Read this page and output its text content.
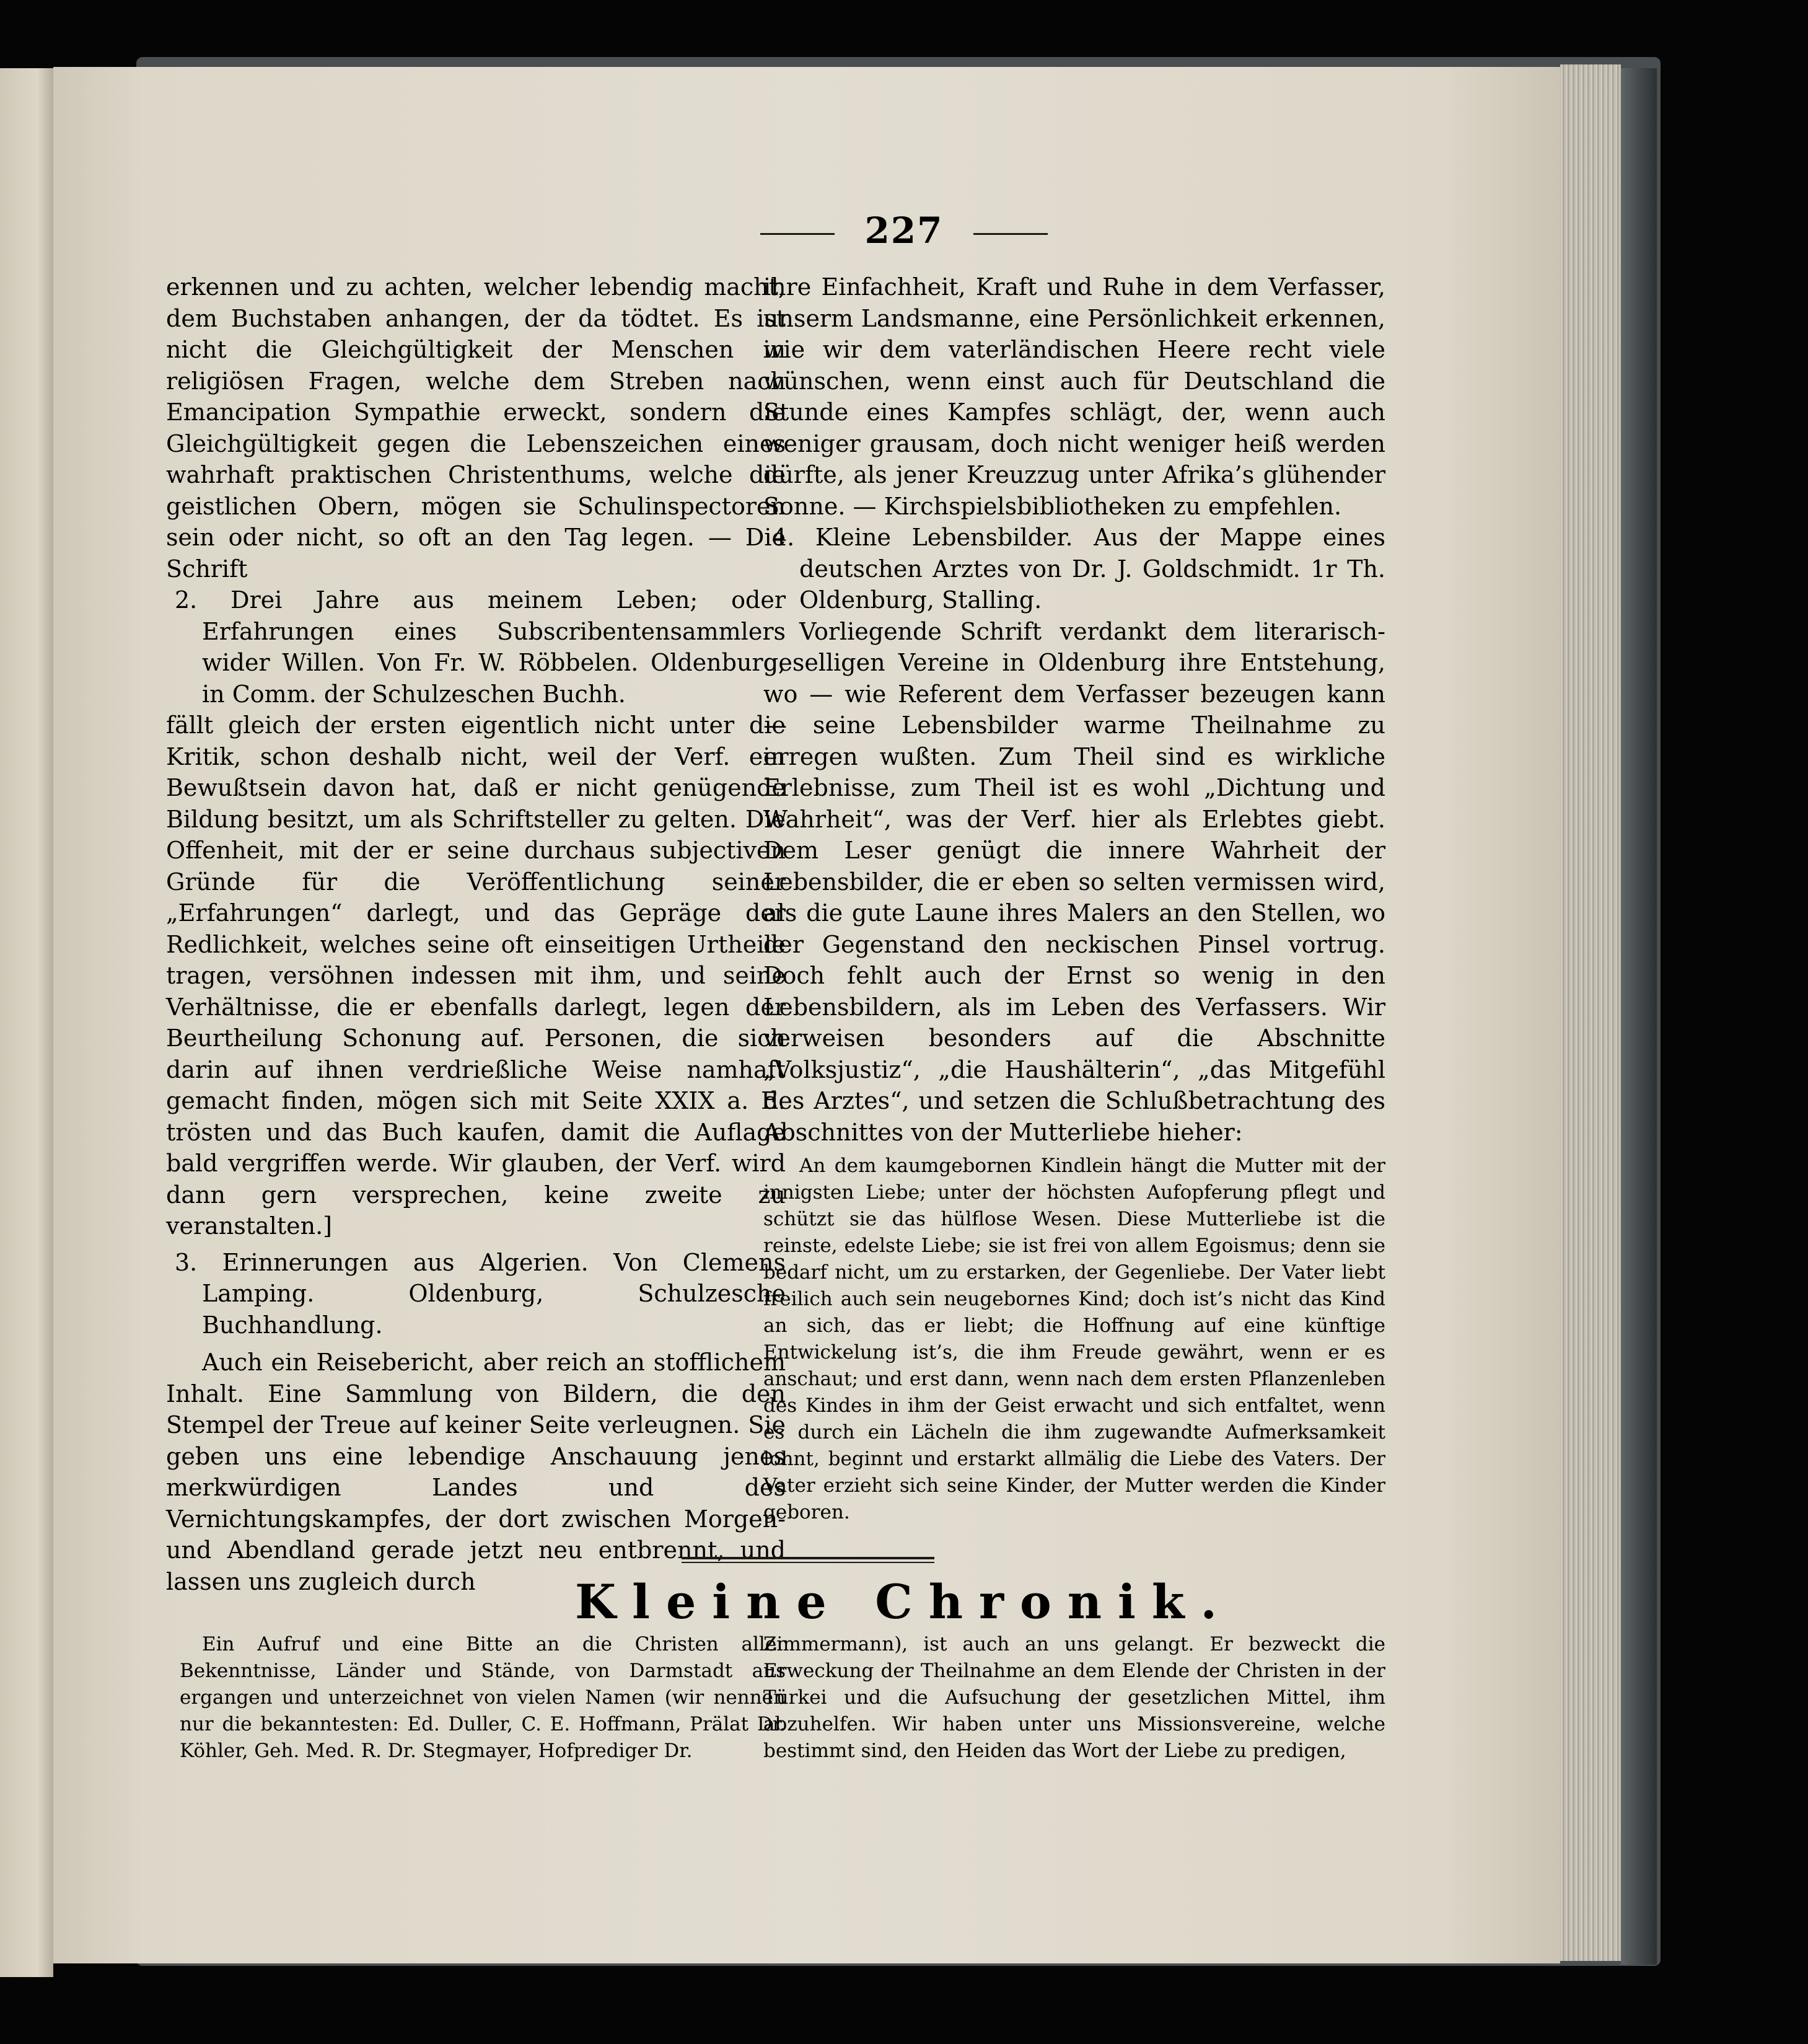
227

erkennen und zu achten, welcher lebendig macht, dem Buchstaben anhangen, der da tödtet. Es ist nicht die Gleichgültigkeit der Menschen in religiösen Fragen, welche dem Streben nach Emancipation Sympathie erweckt, sondern die Gleichgültigkeit gegen die Lebenszeichen eines wahrhaft praktischen Christenthums, welche die geistlichen Obern, mögen sie Schulinspectoren sein oder nicht, so oft an den Tag legen. — Die Schrift

2. Drei Jahre aus meinem Leben; oder Erfahrungen eines Subscribentensammlers wider Willen. Von Fr. W. Röbbelen. Oldenburg, in Comm. der Schulzeschen Buchh.

fällt gleich der ersten eigentlich nicht unter die Kritik, schon deshalb nicht, weil der Verf. ein Bewußtsein davon hat, daß er nicht genügende Bildung besitzt, um als Schriftsteller zu gelten. Die Offenheit, mit der er seine durchaus subjectiven Gründe für die Veröffentlichung seiner „Erfahrungen“ darlegt, und das Gepräge der Redlichkeit, welches seine oft einseitigen Urtheile tragen, versöhnen indessen mit ihm, und seine Verhältnisse, die er ebenfalls darlegt, legen der Beurtheilung Schonung auf. Personen, die sich darin auf ihnen verdrießliche Weise namhaft gemacht finden, mögen sich mit Seite XXIX a. E. trösten und das Buch kaufen, damit die Auflage bald vergriffen werde. Wir glauben, der Verf. wird dann gern versprechen, keine zweite zu veranstalten.]

3. Erinnerungen aus Algerien. Von Clemens Lamping. Oldenburg, Schulzesche Buchhandlung.

Auch ein Reisebericht, aber reich an stofflichem Inhalt. Eine Sammlung von Bildern, die den Stempel der Treue auf keiner Seite verleugnen. Sie geben uns eine lebendige Anschauung jenes merkwürdigen Landes und des Vernichtungskampfes, der dort zwischen Morgen- und Abendland gerade jetzt neu entbrennt, und lassen uns zugleich durch

ihre Einfachheit, Kraft und Ruhe in dem Verfasser, unserm Landsmanne, eine Persönlichkeit erkennen, wie wir dem vaterländischen Heere recht viele wünschen, wenn einst auch für Deutschland die Stunde eines Kampfes schlägt, der, wenn auch weniger grausam, doch nicht weniger heiß werden dürfte, als jener Kreuzzug unter Afrika’s glühender Sonne. — Kirchspielsbibliotheken zu empfehlen.

4. Kleine Lebensbilder. Aus der Mappe eines deutschen Arztes von Dr. J. Goldschmidt. 1r Th. Oldenburg, Stalling.

Vorliegende Schrift verdankt dem literarisch-geselligen Vereine in Oldenburg ihre Entstehung, wo — wie Referent dem Verfasser bezeugen kann — seine Lebensbilder warme Theilnahme zu erregen wußten. Zum Theil sind es wirkliche Erlebnisse, zum Theil ist es wohl „Dichtung und Wahrheit“, was der Verf. hier als Erlebtes giebt. Dem Leser genügt die innere Wahrheit der Lebensbilder, die er eben so selten vermissen wird, als die gute Laune ihres Malers an den Stellen, wo der Gegenstand den neckischen Pinsel vortrug. Doch fehlt auch der Ernst so wenig in den Lebensbildern, als im Leben des Verfassers. Wir verweisen besonders auf die Abschnitte „Volksjustiz“, „die Haushälterin“, „das Mitgefühl des Arztes“, und setzen die Schlußbetrachtung des Abschnittes von der Mutterliebe hieher:

An dem kaumgebornen Kindlein hängt die Mutter mit der innigsten Liebe; unter der höchsten Aufopferung pflegt und schützt sie das hülflose Wesen. Diese Mutterliebe ist die reinste, edelste Liebe; sie ist frei von allem Egoismus; denn sie bedarf nicht, um zu erstarken, der Gegenliebe. Der Vater liebt freilich auch sein neugebornes Kind; doch ist’s nicht das Kind an sich, das er liebt; die Hoffnung auf eine künftige Entwickelung ist’s, die ihm Freude gewährt, wenn er es anschaut; und erst dann, wenn nach dem ersten Pflanzenleben des Kindes in ihm der Geist erwacht und sich entfaltet, wenn es durch ein Lächeln die ihm zugewandte Aufmerksamkeit lohnt, beginnt und erstarkt allmälig die Liebe des Vaters. Der Vater erzieht sich seine Kinder, der Mutter werden die Kinder geboren.

Kleine Chronik.
Ein Aufruf und eine Bitte an die Christen aller Bekenntnisse, Länder und Stände, von Darmstadt aus ergangen und unterzeichnet von vielen Namen (wir nennen nur die bekanntesten: Ed. Duller, C. E. Hoffmann, Prälat Dr. Köhler, Geh. Med. R. Dr. Stegmayer, Hofprediger Dr.
Zimmermann), ist auch an uns gelangt. Er bezweckt die Erweckung der Theilnahme an dem Elende der Christen in der Türkei und die Aufsuchung der gesetzlichen Mittel, ihm abzuhelfen. Wir haben unter uns Missionsvereine, welche bestimmt sind, den Heiden das Wort der Liebe zu predigen,
